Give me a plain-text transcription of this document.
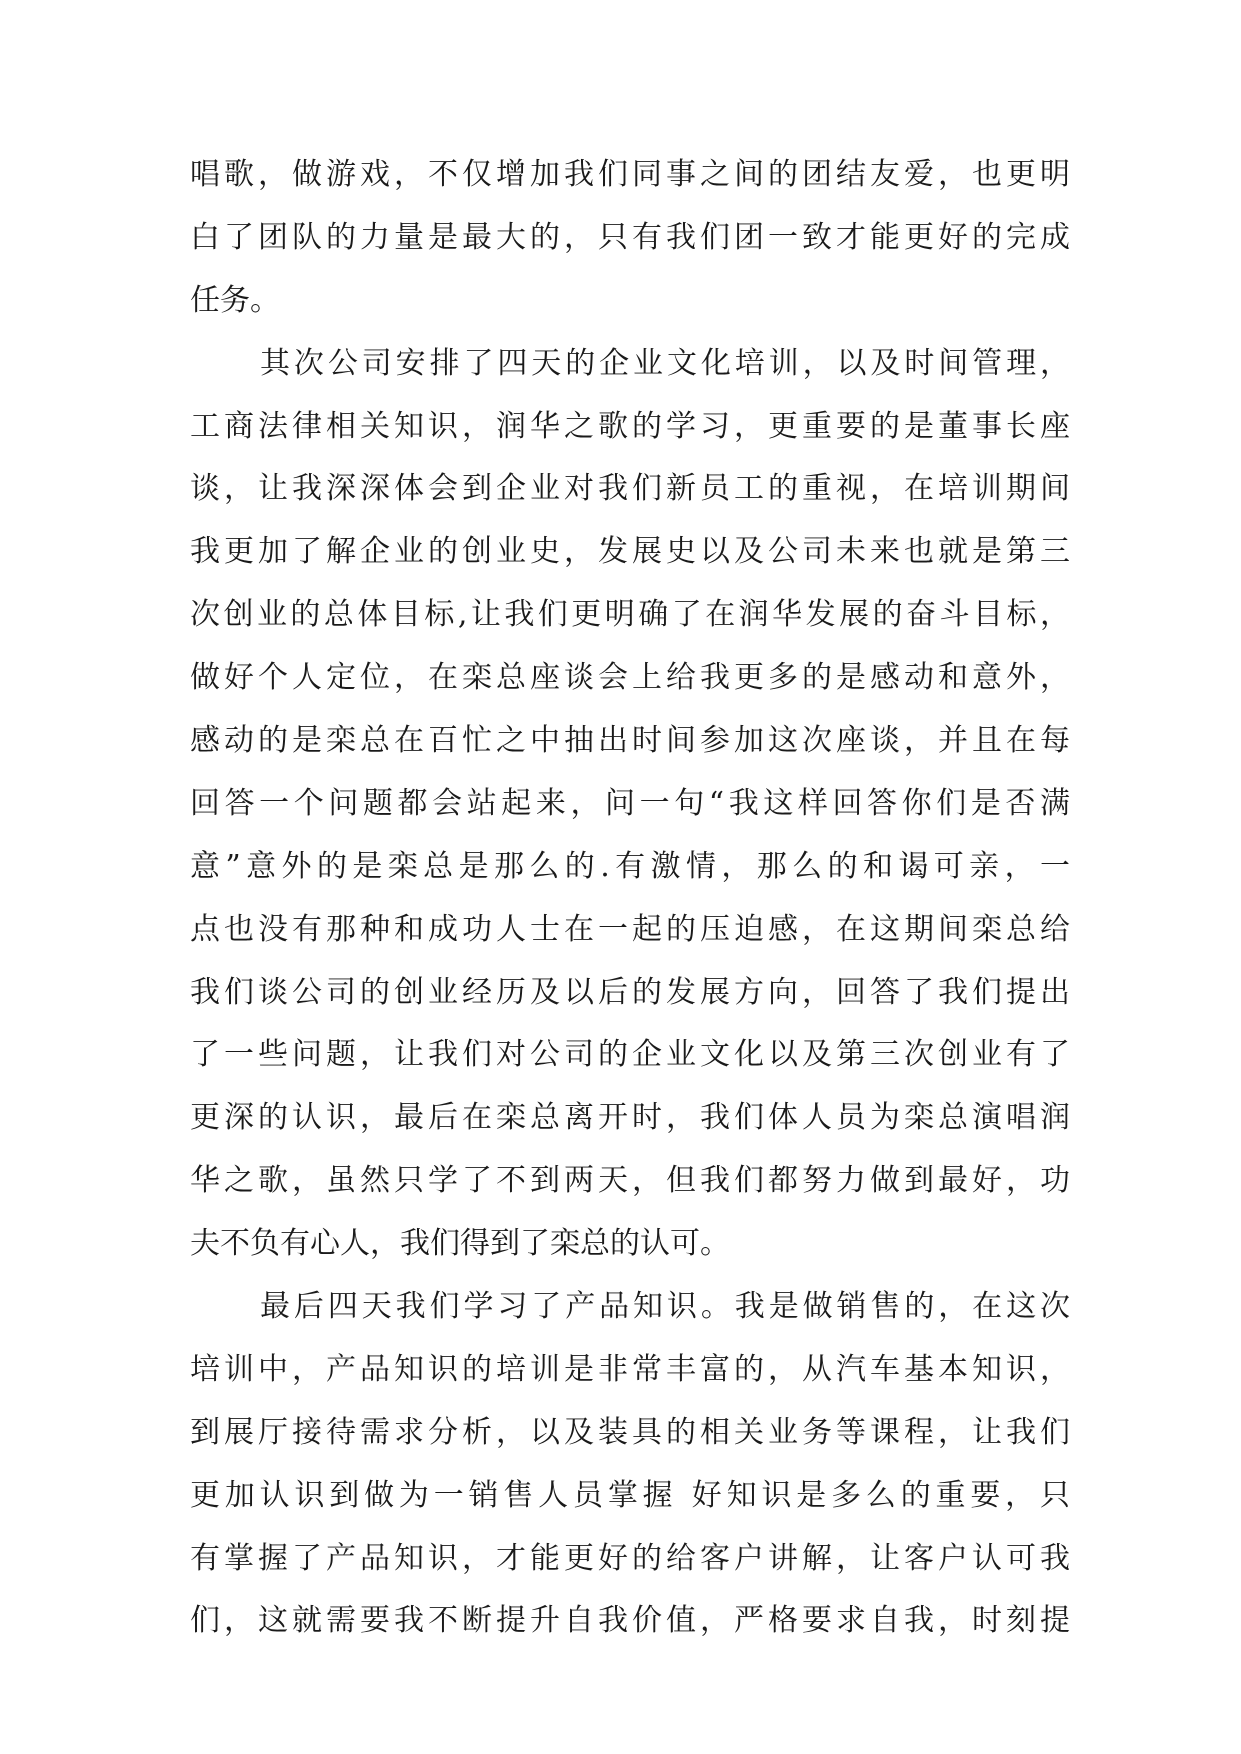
唱歌，做游戏，不仅增加我们同事之间的团结友爱，也更明
白了团队的力量是最大的，只有我们团一致才能更好的完成
任务。
其次公司安排了四天的企业文化培训，以及时间管理，
工商法律相关知识，润华之歌的学习，更重要的是董事长座
谈，让我深深体会到企业对我们新员工的重视，在培训期间
我更加了解企业的创业史，发展史以及公司未来也就是第三
次创业的总体目标,让我们更明确了在润华发展的奋斗目标，
做好个人定位，在栾总座谈会上给我更多的是感动和意外，
感动的是栾总在百忙之中抽出时间参加这次座谈，并且在每
回答一个问题都会站起来，问一句“我这样回答你们是否满
意”意外的是栾总是那么的.有激情，那么的和谒可亲，一
点也没有那种和成功人士在一起的压迫感，在这期间栾总给
我们谈公司的创业经历及以后的发展方向，回答了我们提出
了一些问题，让我们对公司的企业文化以及第三次创业有了
更深的认识，最后在栾总离开时，我们体人员为栾总演唱润
华之歌，虽然只学了不到两天，但我们都努力做到最好，功
夫不负有心人，我们得到了栾总的认可。
最后四天我们学习了产品知识。我是做销售的，在这次
培训中，产品知识的培训是非常丰富的，从汽车基本知识，
到展厅接待需求分析，以及装具的相关业务等课程，让我们
更加认识到做为一销售人员掌握 好知识是多么的重要，只
有掌握了产品知识，才能更好的给客户讲解，让客户认可我
们，这就需要我不断提升自我价值，严格要求自我，时刻提
